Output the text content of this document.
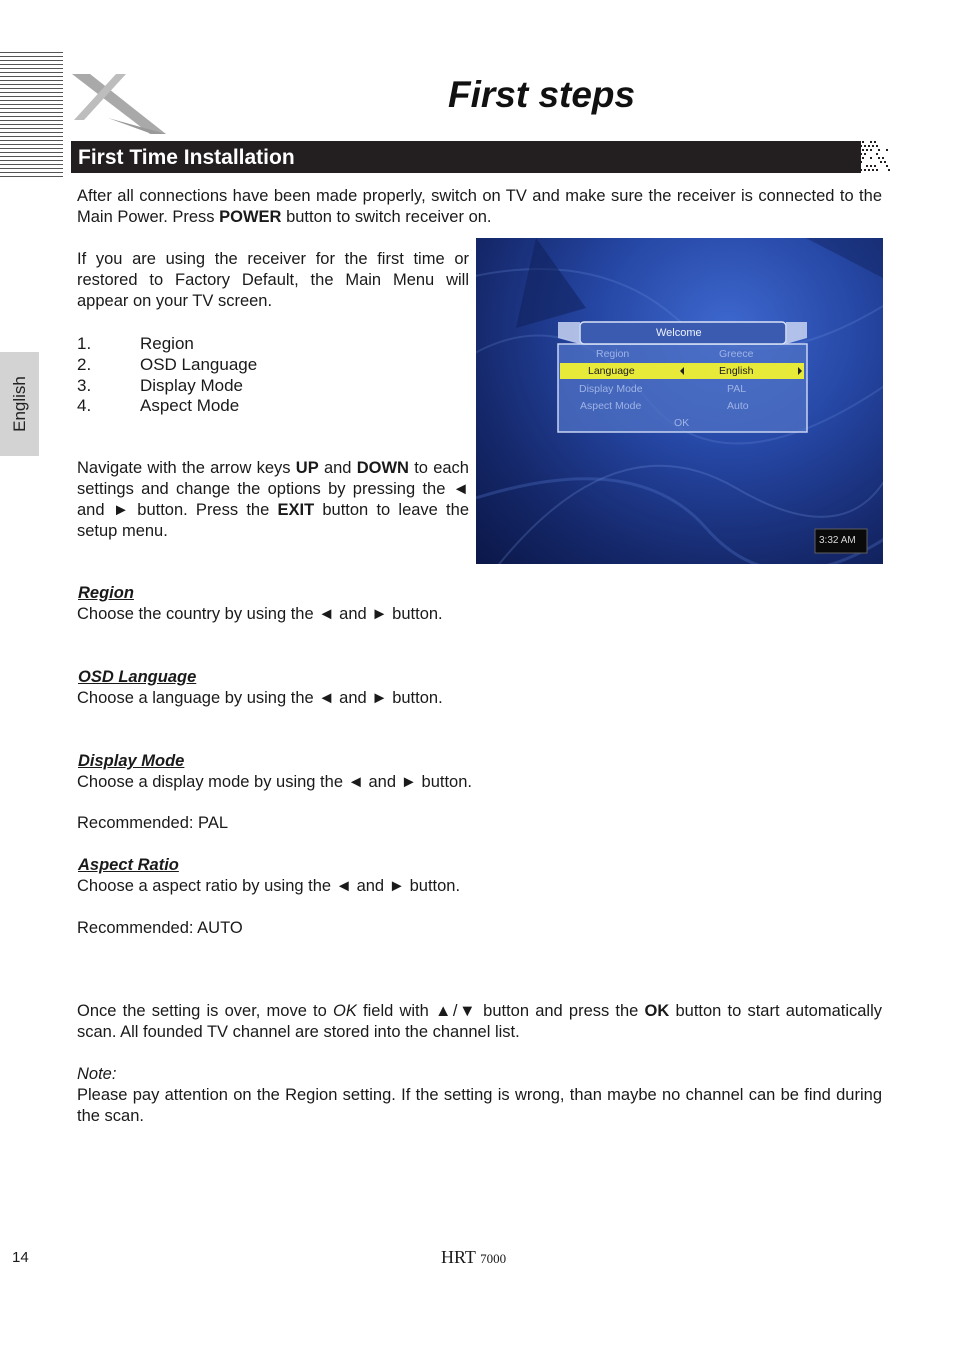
First steps
First Time Installation
English

After all connections have been made properly, switch on TV and make sure the receiver is connected to the Main Power. Press POWER button to switch receiver on.

If you are using the receiver for the first time or restored to Factory Default, the Main Menu will appear on your TV screen.

1.	Region
2.	OSD Language
3.	Display Mode
4.	Aspect Mode

Navigate with the arrow keys UP and DOWN to each settings and change the options by pressing the ◄ and ► button. Press the EXIT button to leave the setup menu.

Welcome
Region	Greece
Language	English
Display Mode	PAL
Aspect Mode	Auto
OK
3:32 AM
Region
Choose the country by using the ◄ and ► button.
OSD Language
Choose a language by using the ◄ and ► button.
Display Mode
Choose a display mode by using the ◄ and ► button.
Recommended: PAL
Aspect Ratio
Choose a aspect ratio by using the ◄ and ► button.
Recommended: AUTO

Once the setting is over, move to OK field with ▲/▼ button and press the OK button to start automatically scan. All founded TV channel are stored into the channel list.

Note:

Please pay attention on the Region setting. If the setting is wrong, than maybe no channel can be find during the scan.

14	HRT 7000
